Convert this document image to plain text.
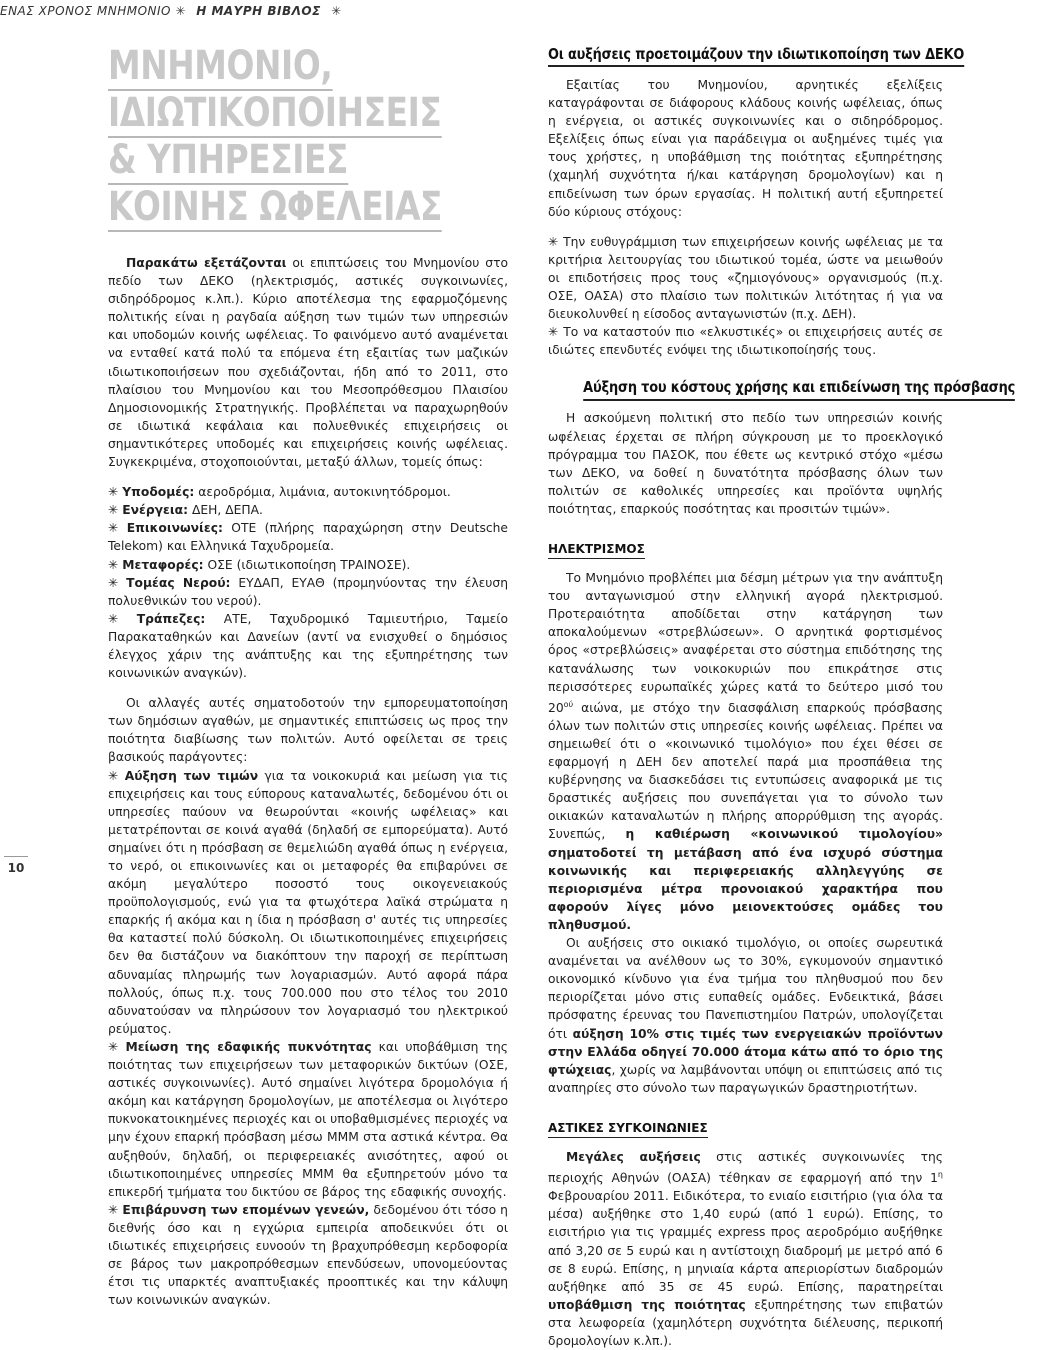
ΕΝΑΣ ΧΡΟΝΟΣ ΜΝΗΜΟΝΙΟ ✳ Η ΜΑΥΡΗ ΒΙΒΛΟΣ ✳
10
ΜΝΗΜΟΝΙΟ,
ΙΔΙΩΤΙΚΟΠΟΙΗΣΕΙΣ
& ΥΠΗΡΕΣΙΕΣ
ΚΟΙΝΗΣ ΩΦΕΛΕΙΑΣ

Παρακάτω εξετάζονται οι επιπτώσεις του Μνημονίου στο πεδίο των ΔΕΚΟ (ηλεκτρισμός, αστικές συγκοινωνίες, σιδηρόδρομος κ.λπ.). Κύριο αποτέλεσμα της εφαρμοζόμενης πολιτικής είναι η ραγδαία αύξηση των τιμών των υπηρεσιών και υποδομών κοινής ωφέλειας. Το φαινόμενο αυτό αναμένεται να ενταθεί κατά πολύ τα επόμενα έτη εξαιτίας των μαζικών ιδιωτικοποιήσεων που σχεδιάζονται, ήδη από το 2011, στο πλαίσιου του Μνημονίου και του Μεσοπρόθεσμου Πλαισίου Δημοσιονομικής Στρατηγικής. Προβλέπεται να παραχωρηθούν σε ιδιωτικά κεφάλαια και πολυεθνικές επιχειρήσεις οι σημαντικότερες υποδομές και επιχειρήσεις κοινής ωφέλειας. Συγκεκριμένα, στοχοποιούνται, μεταξύ άλλων, τομείς όπως:

✳ Υποδομές: αεροδρόμια, λιμάνια, αυτοκινητόδρομοι.
✳ Ενέργεια: ΔΕΗ, ΔΕΠΑ.
✳ Επικοινωνίες: ΟΤΕ (πλήρης παραχώρηση στην Deutsche Telekom) και Ελληνικά Ταχυδρομεία.
✳ Μεταφορές: ΟΣΕ (ιδιωτικοποίηση ΤΡΑΙΝΟΣΕ).
✳ Τομέας Νερού: ΕΥΔΑΠ, ΕΥΑΘ (προμηνύοντας την έλευση πολυεθνικών του νερού).
✳ Τράπεζες: ΑΤΕ, Ταχυδρομικό Ταμιευτήριο, Ταμείο Παρακαταθηκών και Δανείων (αντί να ενισχυθεί ο δημόσιος έλεγχος χάριν της ανάπτυξης και της εξυπηρέτησης των κοινωνικών αναγκών).

Οι αλλαγές αυτές σηματοδοτούν την εμπορευματοποίηση των δημόσιων αγαθών, με σημαντικές επιπτώσεις ως προς την ποιότητα διαβίωσης των πολιτών. Αυτό οφείλεται σε τρεις βασικούς παράγοντες:

✳ Αύξηση των τιμών για τα νοικοκυριά και μείωση για τις επιχειρήσεις και τους εύπορους καταναλωτές, δεδομένου ότι οι υπηρεσίες παύουν να θεωρούνται «κοινής ωφέλειας» και μετατρέπονται σε κοινά αγαθά (δηλαδή σε εμπορεύματα). Αυτό σημαίνει ότι η πρόσβαση σε θεμελιώδη αγαθά όπως η ενέργεια, το νερό, οι επικοινωνίες και οι μεταφορές θα επιβαρύνει σε ακόμη μεγαλύτερο ποσοστό τους οικογενειακούς προϋπολογισμούς, ενώ για τα φτωχότερα λαϊκά στρώματα η επαρκής ή ακόμα και η ίδια η πρόσβαση σ' αυτές τις υπηρεσίες θα καταστεί πολύ δύσκολη. Οι ιδιωτικοποιημένες επιχειρήσεις δεν θα διστάζουν να διακόπτουν την παροχή σε περίπτωση αδυναμίας πληρωμής των λογαριασμών. Αυτό αφορά πάρα πολλούς, όπως π.χ. τους 700.000 που στο τέλος του 2010 αδυνατούσαν να πληρώσουν τον λογαριασμό του ηλεκτρικού ρεύματος.
✳ Μείωση της εδαφικής πυκνότητας και υποβάθμιση της ποιότητας των επιχειρήσεων των μεταφορικών δικτύων (ΟΣΕ, αστικές συγκοινωνίες). Αυτό σημαίνει λιγότερα δρομολόγια ή ακόμη και κατάργηση δρομολογίων, με αποτέλεσμα οι λιγότερο πυκνοκατοικημένες περιοχές και οι υποβαθμισμένες περιοχές να μην έχουν επαρκή πρόσβαση μέσω ΜΜΜ στα αστικά κέντρα. Θα αυξηθούν, δηλαδή, οι περιφερειακές ανισότητες, αφού οι ιδιωτικοποιημένες υπηρεσίες ΜΜΜ θα εξυπηρετούν μόνο τα επικερδή τμήματα του δικτύου σε βάρος της εδαφικής συνοχής.
✳ Επιβάρυνση των επομένων γενεών, δεδομένου ότι τόσο η διεθνής όσο και η εγχώρια εμπειρία αποδεικνύει ότι οι ιδιωτικές επιχειρήσεις ευνοούν τη βραχυπρόθεσμη κερδοφορία σε βάρος των μακροπρόθεσμων επενδύσεων, υπονομεύοντας έτσι τις υπαρκτές αναπτυξιακές προοπτικές και την κάλυψη των κοινωνικών αναγκών.
Οι αυξήσεις προετοιμάζουν την ιδιωτικοποίηση των ΔΕΚΟ

Εξαιτίας του Μνημονίου, αρνητικές εξελίξεις καταγράφονται σε διάφορους κλάδους κοινής ωφέλειας, όπως η ενέργεια, οι αστικές συγκοινωνίες και ο σιδηρόδρομος. Εξελίξεις όπως είναι για παράδειγμα οι αυξημένες τιμές για τους χρήστες, η υποβάθμιση της ποιότητας εξυπηρέτησης (χαμηλή συχνότητα ή/και κατάργηση δρομολογίων) και η επιδείνωση των όρων εργασίας. Η πολιτική αυτή εξυπηρετεί δύο κύριους στόχους:

✳ Την ευθυγράμμιση των επιχειρήσεων κοινής ωφέλειας με τα κριτήρια λειτουργίας του ιδιωτικού τομέα, ώστε να μειωθούν οι επιδοτήσεις προς τους «ζημιογόνους» οργανισμούς (π.χ. ΟΣΕ, ΟΑΣΑ) στο πλαίσιο των πολιτικών λιτότητας ή για να διευκολυνθεί η είσοδος ανταγωνιστών (π.χ. ΔΕΗ).
✳ Το να καταστούν πιο «ελκυστικές» οι επιχειρήσεις αυτές σε ιδιώτες επενδυτές ενόψει της ιδιωτικοποίησής τους.
Αύξηση του κόστους χρήσης και επιδείνωση της πρόσβασης

Η ασκούμενη πολιτική στο πεδίο των υπηρεσιών κοινής ωφέλειας έρχεται σε πλήρη σύγκρουση με το προεκλογικό πρόγραμμα του ΠΑΣΟΚ, που έθετε ως κεντρικό στόχο «μέσω των ΔΕΚΟ, να δοθεί η δυνατότητα πρόσβασης όλων των πολιτών σε καθολικές υπηρεσίες και προϊόντα υψηλής ποιότητας, επαρκούς ποσότητας και προσιτών τιμών».

ΗΛΕΚΤΡΙΣΜΟΣ

Το Μνημόνιο προβλέπει μια δέσμη μέτρων για την ανάπτυξη του ανταγωνισμού στην ελληνική αγορά ηλεκτρισμού. Προτεραιότητα αποδίδεται στην κατάργηση των αποκαλούμενων «στρεβλώσεων». Ο αρνητικά φορτισμένος όρος «στρεβλώσεις» αναφέρεται στο σύστημα επιδότησης της κατανάλωσης των νοικοκυριών που επικράτησε στις περισσότερες ευρωπαϊκές χώρες κατά το δεύτερο μισό του $20^{oύ}$ αιώνα, με στόχο την διασφάλιση επαρκούς πρόσβασης όλων των πολιτών στις υπηρεσίες κοινής ωφέλειας. Πρέπει να σημειωθεί ότι ο «κοινωνικό τιμολόγιο» που έχει θέσει σε εφαρμογή η ΔΕΗ δεν αποτελεί παρά μια προσπάθεια της κυβέρνησης να διασκεδάσει τις εντυπώσεις αναφορικά με τις δραστικές αυξήσεις που συνεπάγεται για το σύνολο των οικιακών καταναλωτών η πλήρης απορρύθμιση της αγοράς. Συνεπώς, η καθιέρωση «κοινωνικού τιμολογίου» σηματοδοτεί τη μετάβαση από ένα ισχυρό σύστημα κοινωνικής και περιφερειακής αλληλεγγύης σε περιορισμένα μέτρα προνοιακού χαρακτήρα που αφορούν λίγες μόνο μειονεκτούσες ομάδες του πληθυσμού.

Οι αυξήσεις στο οικιακό τιμολόγιο, οι οποίες σωρευτικά αναμένεται να ανέλθουν ως το 30%, εγκυμονούν σημαντικό οικονομικό κίνδυνο για ένα τμήμα του πληθυσμού που δεν περιορίζεται μόνο στις ευπαθείς ομάδες. Ενδεικτικά, βάσει πρόσφατης έρευνας του Πανεπιστημίου Πατρών, υπολογίζεται ότι αύξηση 10% στις τιμές των ενεργειακών προϊόντων στην Ελλάδα οδηγεί 70.000 άτομα κάτω από το όριο της φτώχειας, χωρίς να λαμβάνονται υπόψη οι επιπτώσεις από τις αναπηρίες στο σύνολο των παραγωγικών δραστηριοτήτων.

ΑΣΤΙΚΕΣ ΣΥΓΚΟΙΝΩΝΙΕΣ

Μεγάλες αυξήσεις στις αστικές συγκοινωνίες της περιοχής Αθηνών (ΟΑΣΑ) τέθηκαν σε εφαρμογή από την $1^\eta$ Φεβρουαρίου 2011. Ειδικότερα, το ενιαίο εισιτήριο (για όλα τα μέσα) αυξήθηκε στο 1,40 ευρώ (από 1 ευρώ). Επίσης, το εισιτήριο για τις γραμμές express προς αεροδρόμιο αυξήθηκε από 3,20 σε 5 ευρώ και η αντίστοιχη διαδρομή με μετρό από 6 σε 8 ευρώ. Επίσης, η μηνιαία κάρτα απεριορίστων διαδρομών αυξήθηκε από 35 σε 45 ευρώ. Επίσης, παρατηρείται υποβάθμιση της ποιότητας εξυπηρέτησης των επιβατών στα λεωφορεία (χαμηλότερη συχνότητα διέλευσης, περικοπή δρομολογίων κ.λπ.).
